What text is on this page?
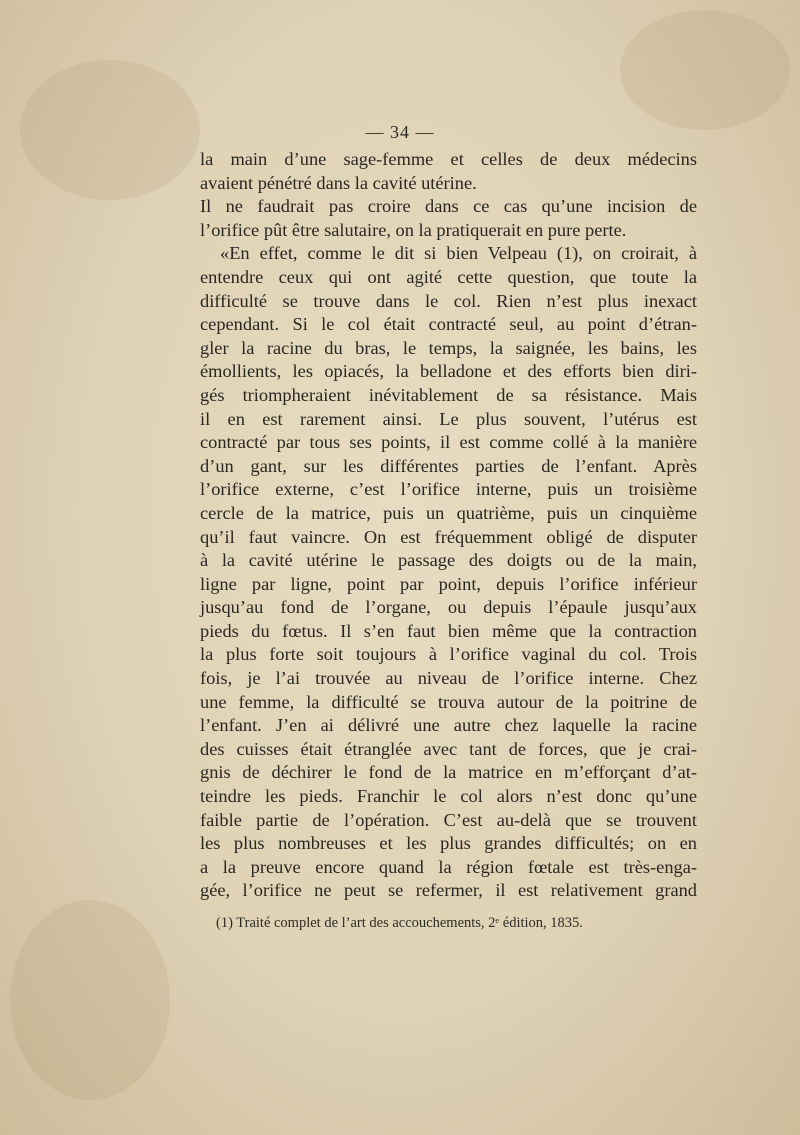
— 34 —
la main d’une sage-femme et celles de deux médecins
avaient pénétré dans la cavité utérine.
Il ne faudrait pas croire dans ce cas qu’une incision de
l’orifice pût être salutaire, on la pratiquerait en pure perte.
«En effet, comme le dit si bien Velpeau (1), on croirait, à
entendre ceux qui ont agité cette question, que toute la
difficulté se trouve dans le col. Rien n’est plus inexact
cependant. Si le col était contracté seul, au point d’étran-
gler la racine du bras, le temps, la saignée, les bains, les
émollients, les opiacés, la belladone et des efforts bien diri-
gés triompheraient inévitablement de sa résistance. Mais
il en est rarement ainsi. Le plus souvent, l’utérus est
contracté par tous ses points, il est comme collé à la manière
d’un gant, sur les différentes parties de l’enfant. Après
l’orifice externe, c’est l’orifice interne, puis un troisième
cercle de la matrice, puis un quatrième, puis un cinquième
qu’il faut vaincre. On est fréquemment obligé de disputer
à la cavité utérine le passage des doigts ou de la main,
ligne par ligne, point par point, depuis l’orifice inférieur
jusqu’au fond de l’organe, ou depuis l’épaule jusqu’aux
pieds du fœtus. Il s’en faut bien même que la contraction
la plus forte soit toujours à l’orifice vaginal du col. Trois
fois, je l’ai trouvée au niveau de l’orifice interne. Chez
une femme, la difficulté se trouva autour de la poitrine de
l’enfant. J’en ai délivré une autre chez laquelle la racine
des cuisses était étranglée avec tant de forces, que je crai-
gnis de déchirer le fond de la matrice en m’efforçant d’at-
teindre les pieds. Franchir le col alors n’est donc qu’une
faible partie de l’opération. C’est au-delà que se trouvent
les plus nombreuses et les plus grandes difficultés; on en
a la preuve encore quand la région fœtale est très-enga-
gée, l’orifice ne peut se refermer, il est relativement grand
(1) Traité complet de l’art des accouchements, 2ᵉ édition, 1835.
